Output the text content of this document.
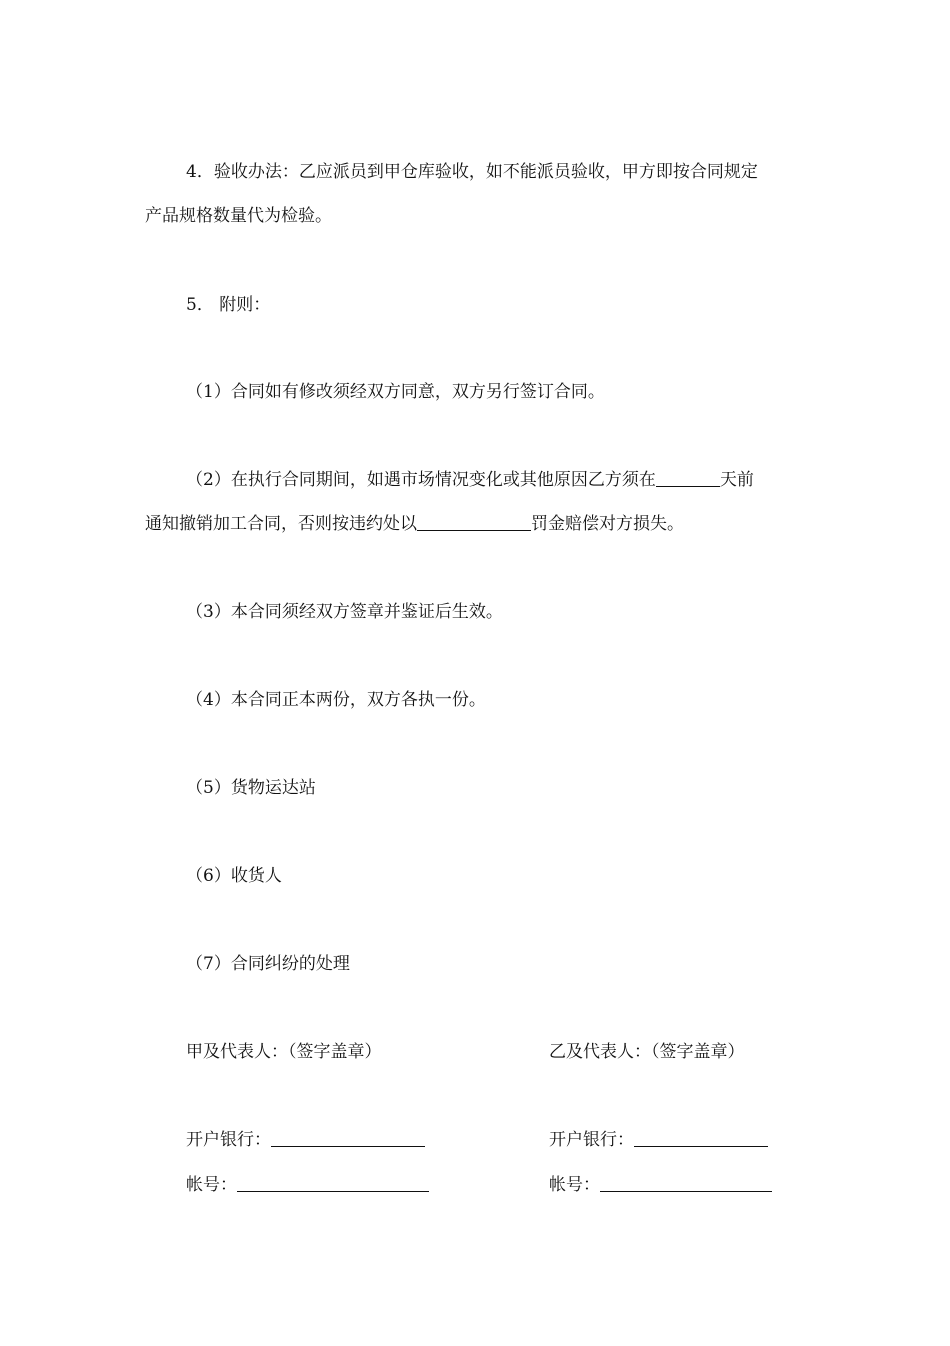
4．验收办法：乙应派员到甲仓库验收，如不能派员验收，甲方即按合同规定
产品规格数量代为检验。
5． 附则：
（1）合同如有修改须经双方同意，双方另行签订合同。
（2）在执行合同期间，如遇市场情况变化或其他原因乙方须在	天前
通知撤销加工合同，否则按违约处以	罚金赔偿对方损失。
（3）本合同须经双方签章并鉴证后生效。
（4）本合同正本两份，双方各执一份。
（5）货物运达站
（6）收货人
（7）合同纠纷的处理
甲及代表人：（签字盖章）
开户银行：
帐号：
乙及代表人：（签字盖章）
开户银行：
帐号：
